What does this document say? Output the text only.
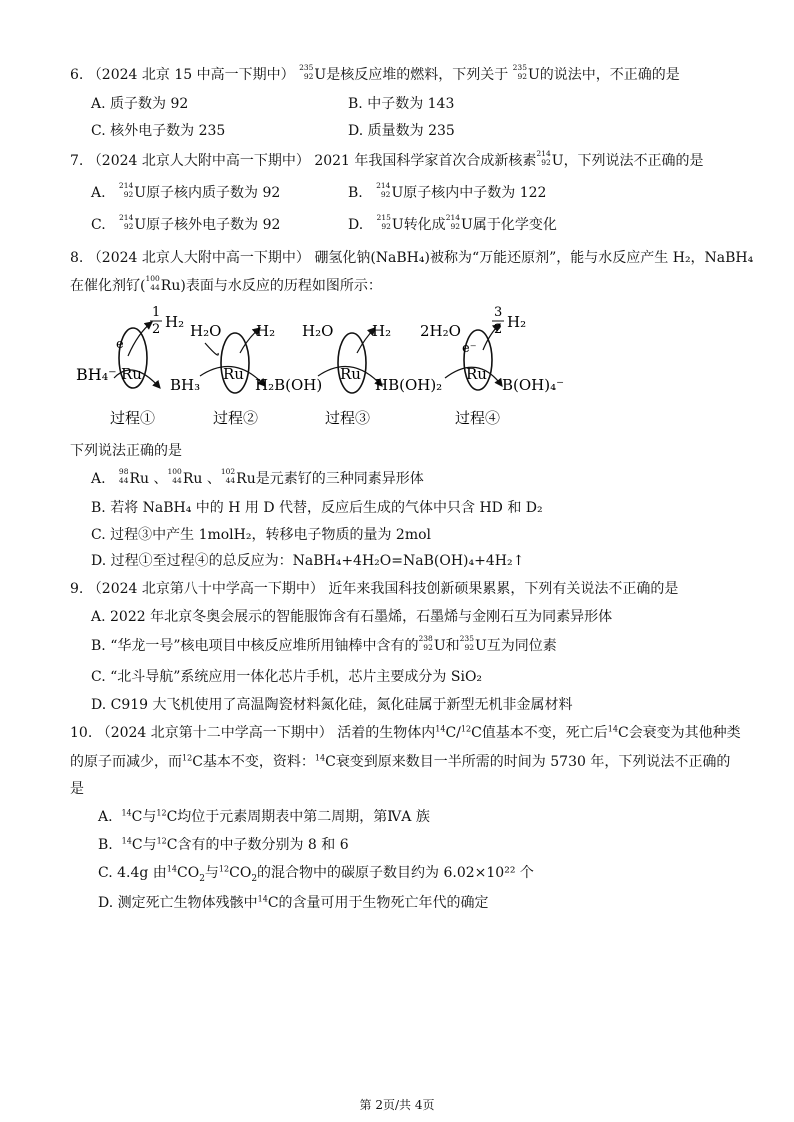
6. （2024 北京 15 中高一下期中） 235
92 U是核反应堆的燃料，下列关于 235
92 U的说法中，不正确的是
A. 质子数为 92	B. 中子数为 143
C. 核外电子数为 235	D. 质量数为 235
7. （2024 北京人大附中高一下期中） 2021 年我国科学家首次合成新核素 214
92 U，下列说法不正确的是
A. 214
92 U原子核内质子数为 92	B. 214
92 U原子核内中子数为 122
C. 214
92 U原子核外电子数为 92	D. 215
92 U转化成 214
92 U属于化学变化
8. （2024 北京人大附中高一下期中） 硼氢化钠(NaBH₄)被称为“万能还原剂”，能与水反应产生 H₂，NaBH₄
在催化剂钌( 100
44 Ru)表面与水反应的历程如图所示：
BH₄⁻
e
Ru
1
2 H₂
BH₃
H₂O
Ru
H₂
H₂B(OH)
H₂O
Ru
H₂
HB(OH)₂
2H₂O
e⁻
Ru
3
2 H₂
B(OH)₄⁻
过程①	过程②	过程③	过程④
下列说法正确的是
A. 98
44 Ru 、 100
44 Ru 、 102
44 Ru是元素钌的三种同素异形体
B. 若将 NaBH₄ 中的 H 用 D 代替，反应后生成的气体中只含 HD 和 D₂
C. 过程③中产生 1molH₂，转移电子物质的量为 2mol
D. 过程①至过程④的总反应为：NaBH₄+4H₂O=NaB(OH)₄+4H₂↑
9. （2024 北京第八十中学高一下期中） 近年来我国科技创新硕果累累，下列有关说法不正确的是
A. 2022 年北京冬奥会展示的智能服饰含有石墨烯，石墨烯与金刚石互为同素异形体
B. “华龙一号”核电项目中核反应堆所用铀棒中含有的 238
92 U和 235
92 U互为同位素
C. “北斗导航”系统应用一体化芯片手机，芯片主要成分为 SiO₂
D. C919 大飞机使用了高温陶瓷材料氮化硅，氮化硅属于新型无机非金属材料
10. （2024 北京第十二中学高一下期中） 活着的生物体内$^{14}$C/$^{12}$C值基本不变，死亡后$^{14}$C会衰变为其他种类
的原子而减少，而$^{12}$C基本不变，资料：$^{14}$C衰变到原来数目一半所需的时间为 5730 年，下列说法不正确的
是
A. $^{14}$C与$^{12}$C均位于元素周期表中第二周期，第ⅣA 族
B. $^{14}$C与$^{12}$C含有的中子数分别为 8 和 6
C. 4.4g 由$^{14}CO_2$与$^{12}CO_2$的混合物中的碳原子数目约为 6.02×10²² 个
D. 测定死亡生物体残骸中$^{14}$C的含量可用于生物死亡年代的确定
第 2页/共 4页
